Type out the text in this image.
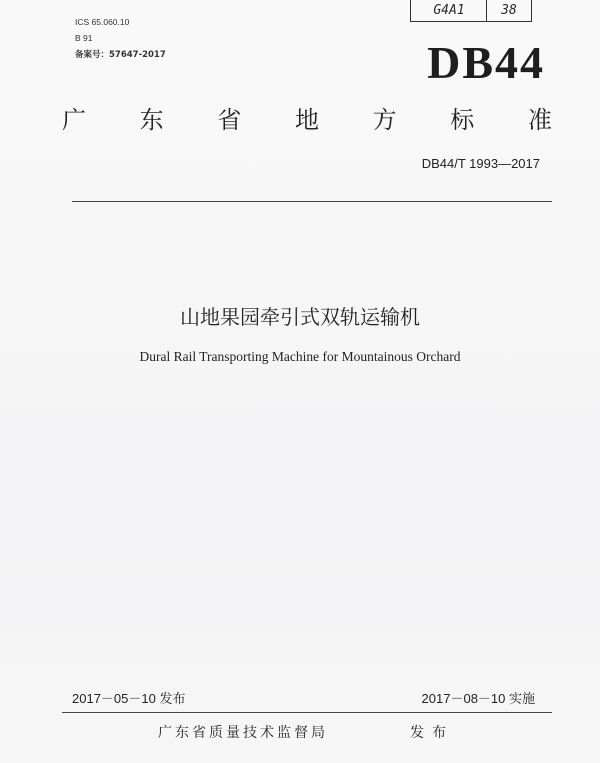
G4A1	38
ICS 65.060.10
B 91
备案号：57647-2017	DB44
广 东 省 地 方 标 准
DB44/T 1993—2017
山地果园牵引式双轨运输机
Dural Rail Transporting Machine for Mountainous Orchard
2017－05－10 发布	2017－08－10 实施
广东省质量技术监督局	发布
